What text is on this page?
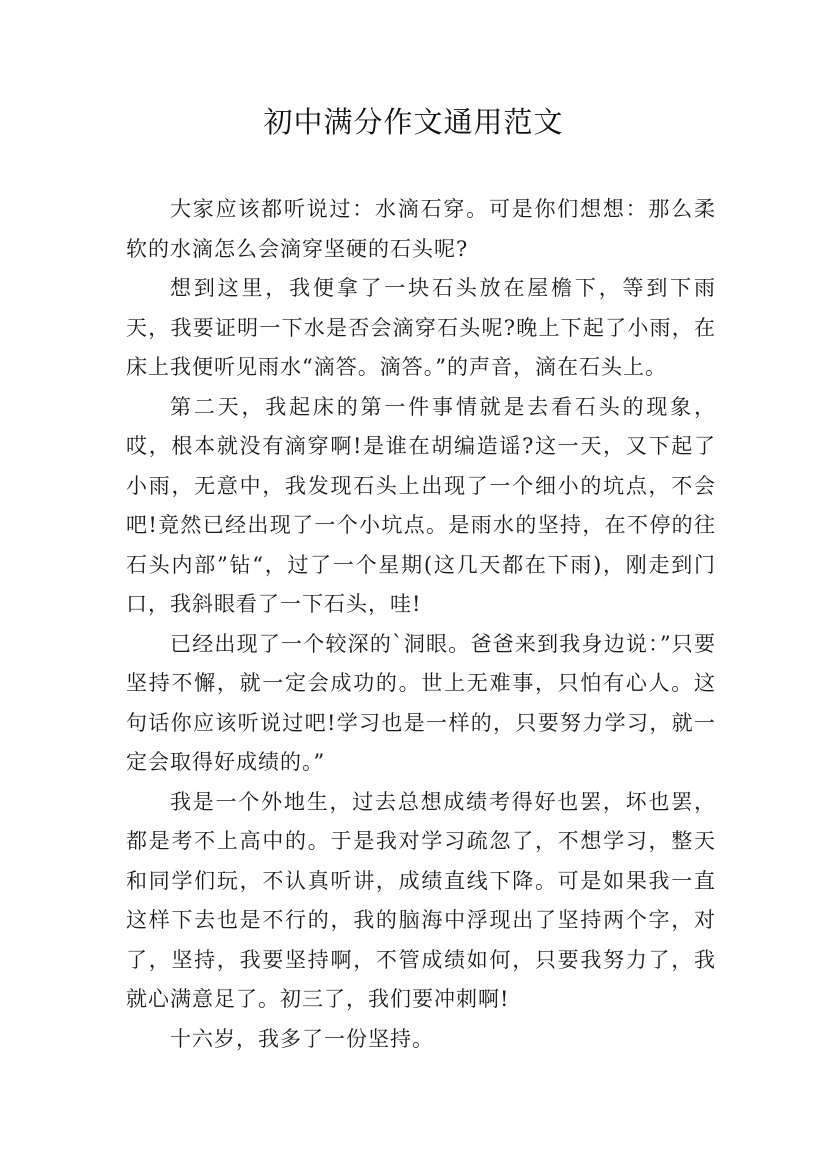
初中满分作文通用范文

大家应该都听说过：水滴石穿。可是你们想想：那么柔软的水滴怎么会滴穿坚硬的石头呢?

想到这里，我便拿了一块石头放在屋檐下，等到下雨天，我要证明一下水是否会滴穿石头呢?晚上下起了小雨，在床上我便听见雨水“滴答。滴答。”的声音，滴在石头上。

第二天，我起床的第一件事情就是去看石头的现象，哎，根本就没有滴穿啊!是谁在胡编造谣?这一天，又下起了小雨，无意中，我发现石头上出现了一个细小的坑点，不会吧!竟然已经出现了一个小坑点。是雨水的坚持，在不停的往石头内部”钻“，过了一个星期(这几天都在下雨)，刚走到门口，我斜眼看了一下石头，哇!

已经出现了一个较深的`洞眼。爸爸来到我身边说：”只要坚持不懈，就一定会成功的。世上无难事，只怕有心人。这句话你应该听说过吧!学习也是一样的，只要努力学习，就一定会取得好成绩的。”

我是一个外地生，过去总想成绩考得好也罢，坏也罢，都是考不上高中的。于是我对学习疏忽了，不想学习，整天和同学们玩，不认真听讲，成绩直线下降。可是如果我一直这样下去也是不行的，我的脑海中浮现出了坚持两个字，对了，坚持，我要坚持啊，不管成绩如何，只要我努力了，我就心满意足了。初三了，我们要冲刺啊!

十六岁，我多了一份坚持。
